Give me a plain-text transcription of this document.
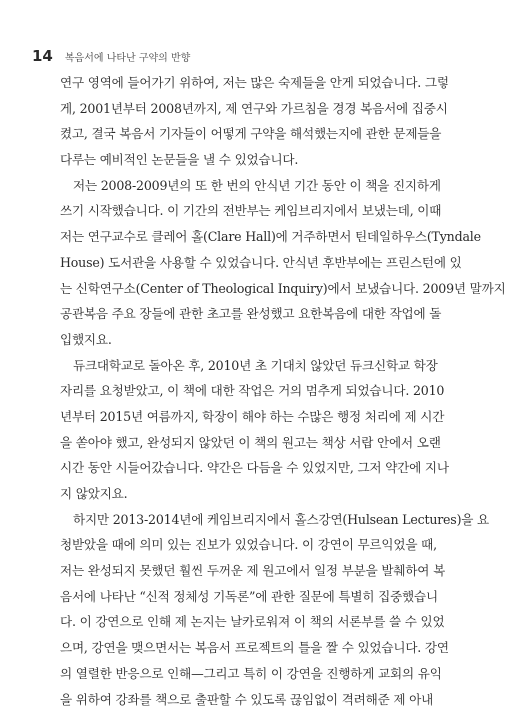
14 복음서에 나타난 구약의 반향
연구 영역에 들어가기 위하여, 저는 많은 숙제들을 안게 되었습니다. 그렇
게, 2001년부터 2008년까지, 제 연구와 가르침을 경경 복음서에 집중시
켰고, 결국 복음서 기자들이 어떻게 구약을 해석했는지에 관한 문제들을
다루는 예비적인 논문들을 낼 수 있었습니다.
저는 2008-2009년의 또 한 번의 안식년 기간 동안 이 책을 진지하게
쓰기 시작했습니다. 이 기간의 전반부는 케임브리지에서 보냈는데, 이때
저는 연구교수로 클레어 홀(Clare Hall)에 거주하면서 틴데일하우스(Tyndale
House) 도서관을 사용할 수 있었습니다. 안식년 후반부에는 프린스턴에 있
는 신학연구소(Center of Theological Inquiry)에서 보냈습니다. 2009년 말까지
공관복음 주요 장들에 관한 초고를 완성했고 요한복음에 대한 작업에 돌
입했지요.
듀크대학교로 돌아온 후, 2010년 초 기대치 않았던 듀크신학교 학장
자리를 요청받았고, 이 책에 대한 작업은 거의 멈추게 되었습니다. 2010
년부터 2015년 여름까지, 학장이 해야 하는 수많은 행정 처리에 제 시간
을 쏟아야 했고, 완성되지 않았던 이 책의 원고는 책상 서랍 안에서 오랜
시간 동안 시들어갔습니다. 약간은 다듬을 수 있었지만, 그저 약간에 지나
지 않았지요.
하지만 2013-2014년에 케임브리지에서 홀스강연(Hulsean Lectures)을 요
청받았을 때에 의미 있는 진보가 있었습니다. 이 강연이 무르익었을 때,
저는 완성되지 못했던 훨씬 두꺼운 제 원고에서 일정 부분을 발췌하여 복
음서에 나타난 “신적 정체성 기독론”에 관한 질문에 특별히 집중했습니
다. 이 강연으로 인해 제 논지는 날카로워져 이 책의 서론부를 쓸 수 있었
으며, 강연을 맺으면서는 복음서 프로젝트의 틀을 짤 수 있었습니다. 강연
의 열렬한 반응으로 인해—그리고 특히 이 강연을 진행하게 교회의 유익
을 위하여 강좌를 책으로 출판할 수 있도록 끊임없이 격려해준 제 아내
